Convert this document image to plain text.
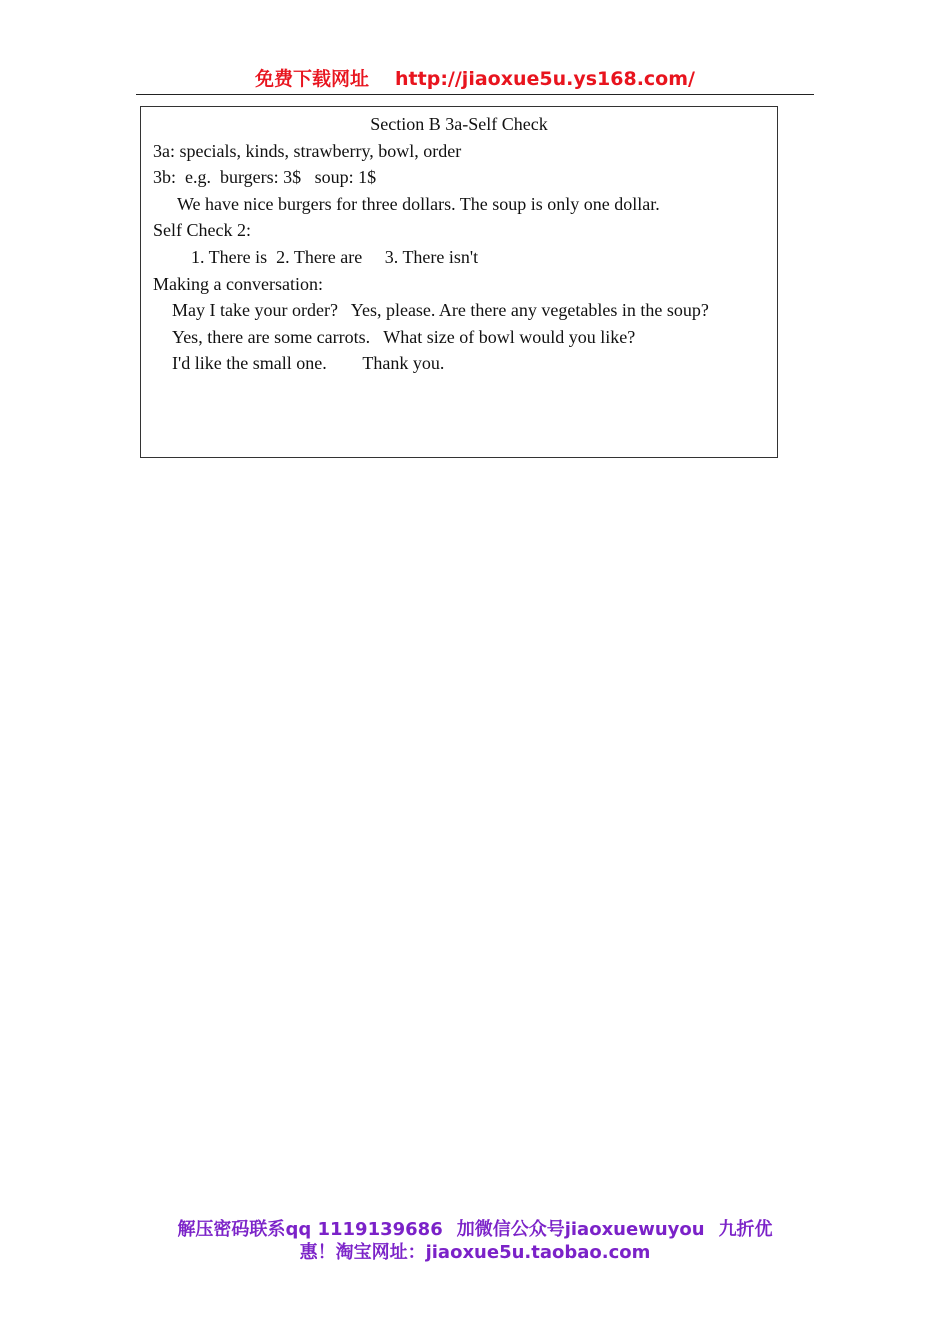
免费下载网址 http://jiaoxue5u.ys168.com/
Section B 3a-Self Check
3a: specials, kinds, strawberry, bowl, order
3b:  e.g.  burgers: 3$   soup: 1$
We have nice burgers for three dollars. The soup is only one dollar.
Self Check 2:
1. There is  2. There are     3. There isn't
Making a conversation:
May I take your order?   Yes, please. Are there any vegetables in the soup?
Yes, there are some carrots.   What size of bowl would you like?
I'd like the small one.        Thank you.
解压密码联系qq 1119139686 加微信公众号jiaoxuewuyou 九折优
惠！淘宝网址：jiaoxue5u.taobao.com
